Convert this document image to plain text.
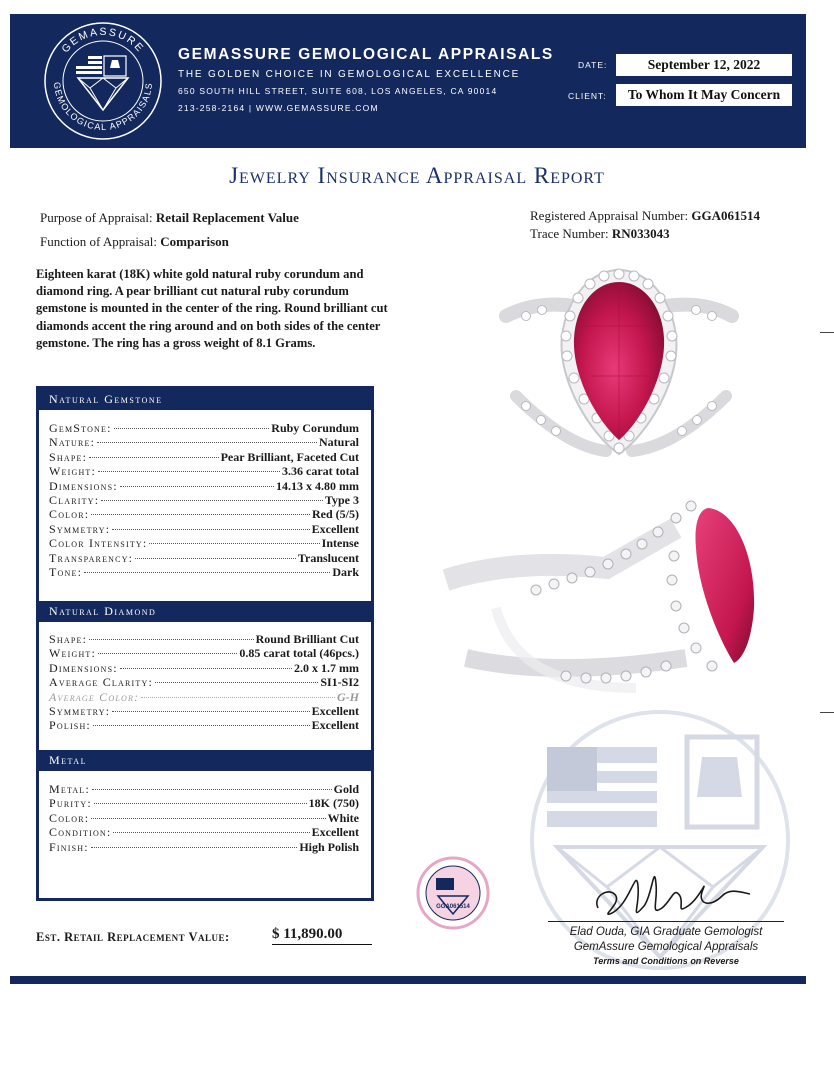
GEMASSURE
GEMOLOGICAL APPRAISALS
GEMASSURE GEMOLOGICAL APPRAISALS
THE GOLDEN CHOICE IN GEMOLOGICAL EXCELLENCE
650 SOUTH HILL STREET, SUITE 608, LOS ANGELES, CA 90014
213-258-2164 | WWW.GEMASSURE.COM
DATE:	September 12, 2022
CLIENT:	To Whom It May Concern
Jewelry Insurance Appraisal Report
Purpose of Appraisal: Retail Replacement Value
Function of Appraisal: Comparison
Registered Appraisal Number: GGA061514
Trace Number: RN033043
Eighteen karat (18K) white gold natural ruby corundum and diamond ring. A pear brilliant cut natural ruby corundum gemstone is mounted in the center of the ring. Round brilliant cut diamonds accent the ring around and on both sides of the center gemstone. The ring has a gross weight of 8.1 Grams.
Natural Gemstone
GemStone:	Ruby Corundum
Nature:	Natural
Shape:	Pear Brilliant, Faceted Cut
Weight:	3.36 carat total
Dimensions:	14.13 x 4.80 mm
Clarity:	Type 3
Color:	Red (5/5)
Symmetry:	Excellent
Color Intensity:	Intense
Transparency:	Translucent
Tone:	Dark
Natural Diamond
Shape:	Round Brilliant Cut
Weight:	0.85 carat total (46pcs.)
Dimensions:	2.0 x 1.7 mm
Average Clarity:	SI1-SI2
Average Color:	G-H
Symmetry:	Excellent
Polish:	Excellent
Metal
Metal:	Gold
Purity:	18K (750)
Color:	White
Condition:	Excellent
Finish:	High Polish
Est. Retail Replacement Value:	$ 11,890.00
GGA061514
Elad Ouda, GIA Graduate Gemologist
GemAssure Gemological Appraisals
Terms and Conditions on Reverse
